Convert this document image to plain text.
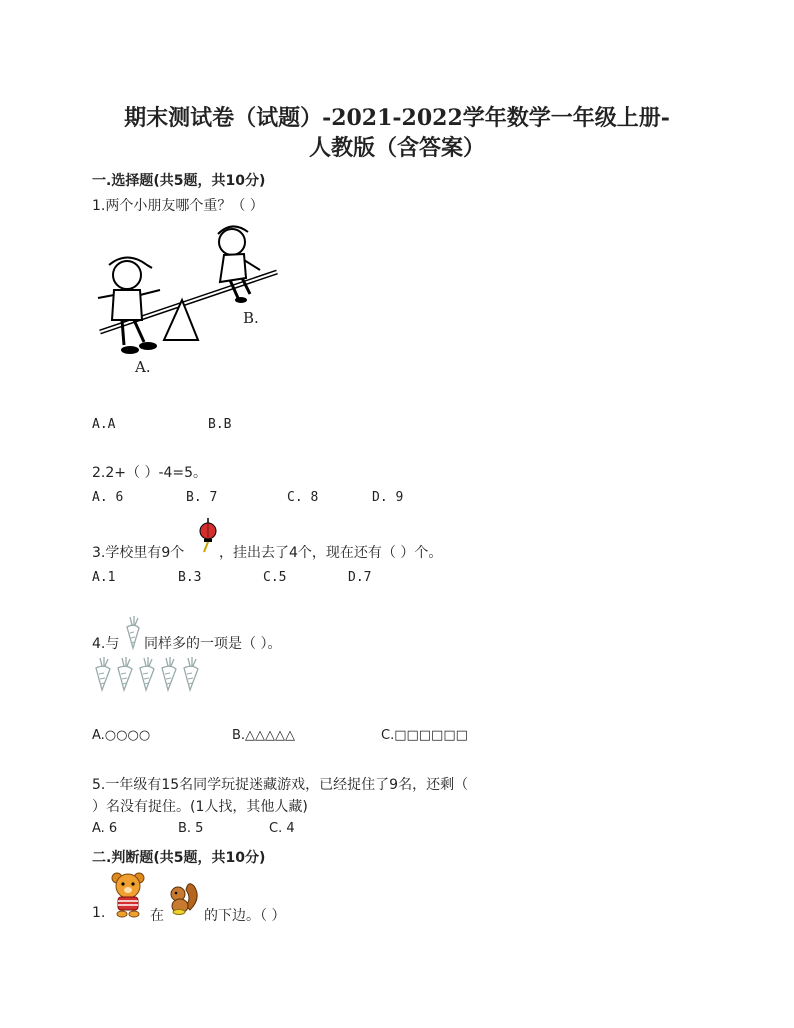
期末测试卷（试题）-2021-2022学年数学一年级上册-
人教版（含答案）
一.选择题(共5题，共10分)
1.两个小朋友哪个重？（ ）
A.
B.
A.A	B.B
2.2+（ ）-4=5。
A. 6	B. 7	C. 8	D. 9
3.学校里有9个 ，挂出去了4个，现在还有（ ）个。
A.1	B.3	C.5	D.7
4.与 同样多的一项是（ ）。
A.○○○○	B.△△△△△	C.□□□□□□
5.一年级有15名同学玩捉迷藏游戏，已经捉住了9名，还剩（
）名没有捉住。(1人找，其他人藏)
A. 6	B. 5	C. 4
二.判断题(共5题，共10分)
1.	在	的下边。（ ）
